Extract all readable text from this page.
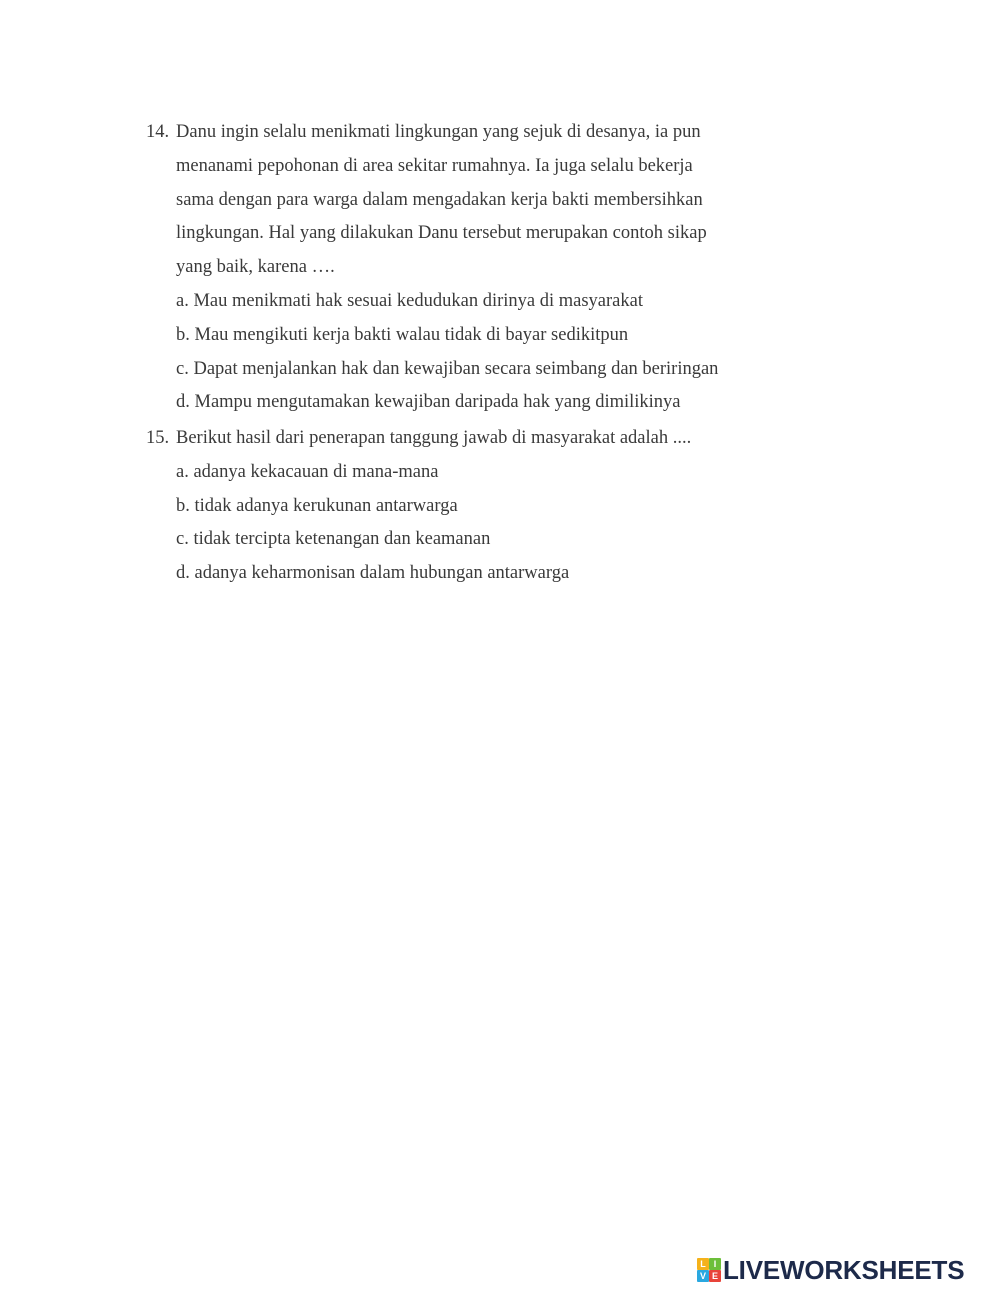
14. Danu ingin selalu menikmati lingkungan yang sejuk di desanya, ia pun
menanami pepohonan di area sekitar rumahnya. Ia juga selalu bekerja
sama dengan para warga dalam mengadakan kerja bakti membersihkan
lingkungan. Hal yang dilakukan Danu tersebut merupakan contoh sikap
yang baik, karena ….
a. Mau menikmati hak sesuai kedudukan dirinya di masyarakat
b. Mau mengikuti kerja bakti walau tidak di bayar sedikitpun
c. Dapat menjalankan hak dan kewajiban secara seimbang dan beriringan
d. Mampu mengutamakan kewajiban daripada hak yang dimilikinya
15. Berikut hasil dari penerapan tanggung jawab di masyarakat adalah ....
a. adanya kekacauan di mana-mana
b. tidak adanya kerukunan antarwarga
c. tidak tercipta ketenangan dan keamanan
d. adanya keharmonisan dalam hubungan antarwarga
L I
V E LIVEWORKSHEETS
